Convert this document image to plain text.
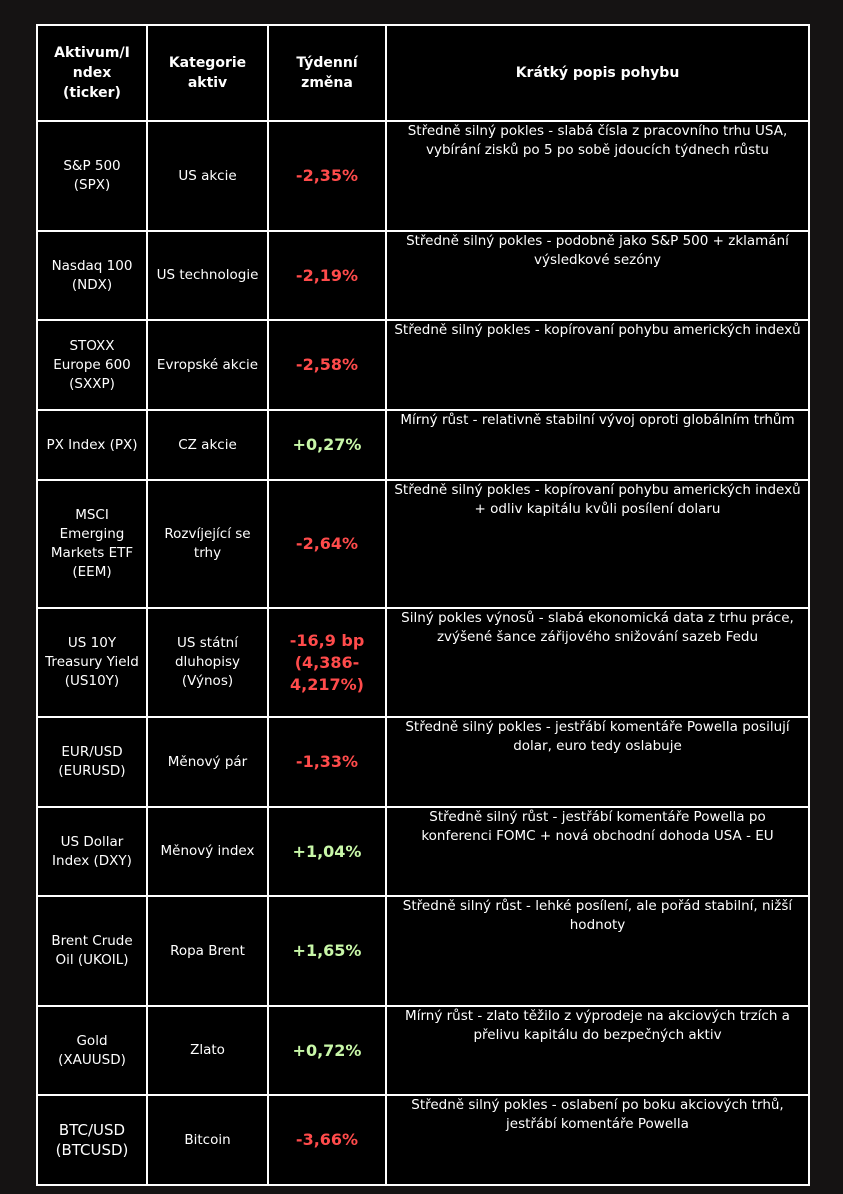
Aktivum/I ndex (ticker)	Kategorie aktiv	Týdenní změna	Krátký popis pohybu
S&P 500 (SPX)	US akcie	-2,35%	Středně silný pokles - slabá čísla z pracovního trhu USA, vybírání zisků po 5 po sobě jdoucích týdnech růstu
Nasdaq 100 (NDX)	US technologie	-2,19%	Středně silný pokles - podobně jako S&P 500 + zklamání výsledkové sezóny
STOXX Europe 600 (SXXP)	Evropské akcie	-2,58%	Středně silný pokles - kopírovaní pohybu amerických indexů
PX Index (PX)	CZ akcie	+0,27%	Mírný růst - relativně stabilní vývoj oproti globálním trhům
MSCI Emerging Markets ETF (EEM)	Rozvíjející se trhy	-2,64%	Středně silný pokles - kopírovaní pohybu amerických indexů + odliv kapitálu kvůli posílení dolaru
US 10Y Treasury Yield (US10Y)	US státní dluhopisy (Výnos)	-16,9 bp (4,386-4,217%)	Silný pokles výnosů - slabá ekonomická data z trhu práce, zvýšené šance zářijového snižování sazeb Fedu
EUR/USD (EURUSD)	Měnový pár	-1,33%	Středně silný pokles - jestřábí komentáře Powella posilují dolar, euro tedy oslabuje
US Dollar Index (DXY)	Měnový index	+1,04%	Středně silný růst - jestřábí komentáře Powella po konferenci FOMC + nová obchodní dohoda USA - EU
Brent Crude Oil (UKOIL)	Ropa Brent	+1,65%	Středně silný růst - lehké posílení, ale pořád stabilní, nižší hodnoty
Gold (XAUUSD)	Zlato	+0,72%	Mírný růst - zlato těžilo z výprodeje na akciových trzích a přelivu kapitálu do bezpečných aktiv
BTC/USD (BTCUSD)	Bitcoin	-3,66%	Středně silný pokles - oslabení po boku akciových trhů, jestřábí komentáře Powella
